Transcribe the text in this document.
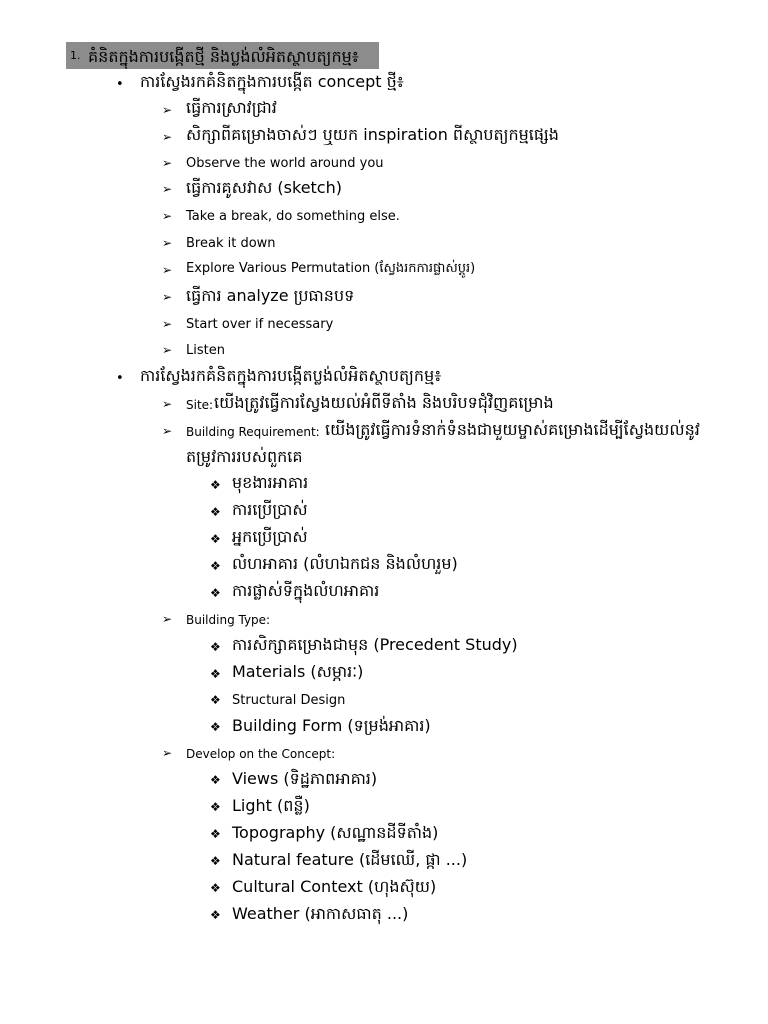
1. គំនិតក្នុងការបង្កើតថ្មី និងប្លង់លំអិតស្ថាបត្យកម្ម៖
• ការស្វែងរកគំនិតក្នុងការបង្កើត concept ថ្មី៖
➢ ធ្វើការស្រាវជ្រាវ
➢ សិក្សាពីគម្រោងចាស់ៗ ឬយក inspiration ពីស្ថាបត្យកម្មផ្សេង
➢ Observe the world around you
➢ ធ្វើការគូសវាស (sketch)
➢ Take a break, do something else.
➢ Break it down
➢ Explore Various Permutation (ស្វែងរកការផ្លាស់ប្តូរ)
➢ ធ្វើការ analyze ប្រធានបទ
➢ Start over if necessary
➢ Listen
• ការស្វែងរកគំនិតក្នុងការបង្កើតប្លង់លំអិតស្ថាបត្យកម្ម៖
➢ Site: យើងត្រូវធ្វើការស្វែងយល់អំពីទីតាំង និងបរិបទជុំវិញគម្រោង
➢ Building Requirement: យើងត្រូវធ្វើការទំនាក់ទំនងជាមួយម្ចាស់គម្រោងដើម្បីស្វែងយល់នូវ
តម្រូវការរបស់ពួកគេ
❖ មុខងារអាគារ
❖ ការប្រើប្រាស់
❖ អ្នកប្រើប្រាស់
❖ លំហអាគារ (លំហឯកជន និងលំហរួម)
❖ ការផ្លាស់ទីក្នុងលំហអាគារ
➢ Building Type:
❖ ការសិក្សាគម្រោងជាមុន (Precedent Study)
❖ Materials (សម្ភារៈ)
❖ Structural Design
❖ Building Form (ទម្រង់អាគារ)
➢ Develop on the Concept:
❖ Views (ទិដ្ឋភាពអាគារ)
❖ Light (ពន្លឺ)
❖ Topography (សណ្ឋានដីទីតាំង)
❖ Natural feature (ដើមឈើ, ផ្កា ...)
❖ Cultural Context (ហុងស៊ុយ)
❖ Weather (អាកាសធាតុ ...)
